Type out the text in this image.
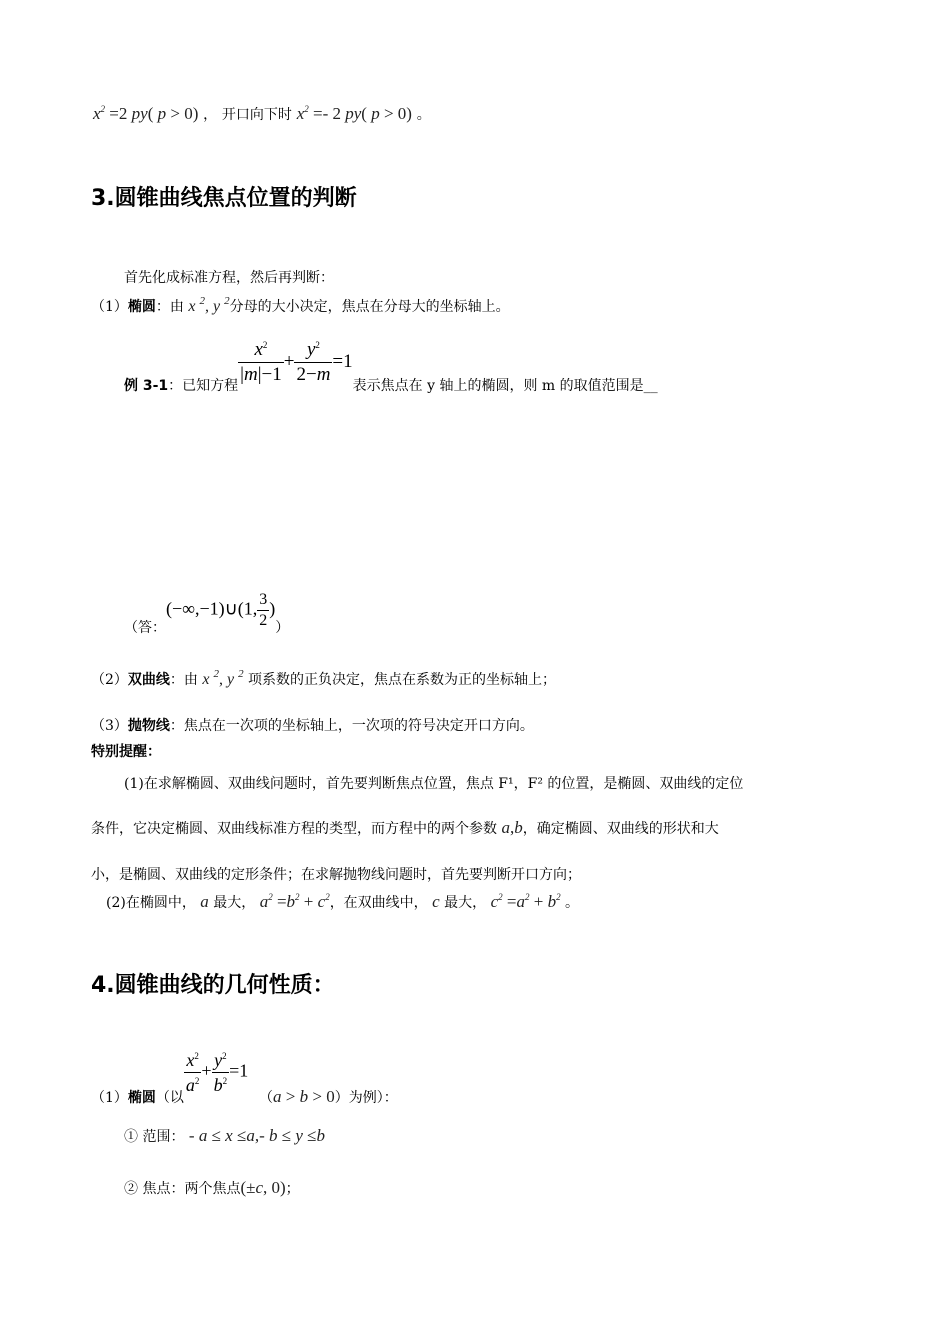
$x^2 =2$ py( p > 0) ， 开口向下时 $x^2 =- 2$ py( p > 0) 。
3.圆锥曲线焦点位置的判断
首先化成标准方程，然后再判断：
（1）椭圆：由 x $^2$, y $^2$分母的大小决定，焦点在分母大的坐标轴上。
例 3-1：已知方程 $\frac{x^2}{|m|-1} + \frac{y^2}{2-m} =1$表示焦点在 y 轴上的椭圆，则 m 的取值范围是__
（答：(−∞,−1)∪(1, $\frac{3}{2}$ )）
（2）双曲线：由 x $^2$, y $^2$ 项系数的正负决定，焦点在系数为正的坐标轴上；
（3）抛物线：焦点在一次项的坐标轴上，一次项的符号决定开口方向。
特别提醒：
(1)在求解椭圆、双曲线问题时，首先要判断焦点位置，焦点 F¹，F² 的位置，是椭圆、双曲线的定位
条件，它决定椭圆、双曲线标准方程的类型，而方程中的两个参数 a,b，确定椭圆、双曲线的形状和大
小，是椭圆、双曲线的定形条件；在求解抛物线问题时，首先要判断开口方向；
(2)在椭圆中， a 最大， $a^2 =b^2 + c^2$，在双曲线中， c 最大， $c^2 =a^2 + b^2$ 。
4.圆锥曲线的几何性质：
（1）椭圆（以
$\frac{x^2}{a^2} + \frac{y^2}{b^2} =1$ （a > b > 0）为例）：
① 范围： - a ≤ x ≤a,- b ≤ y ≤b
② 焦点：两个焦点(±c, 0)；
